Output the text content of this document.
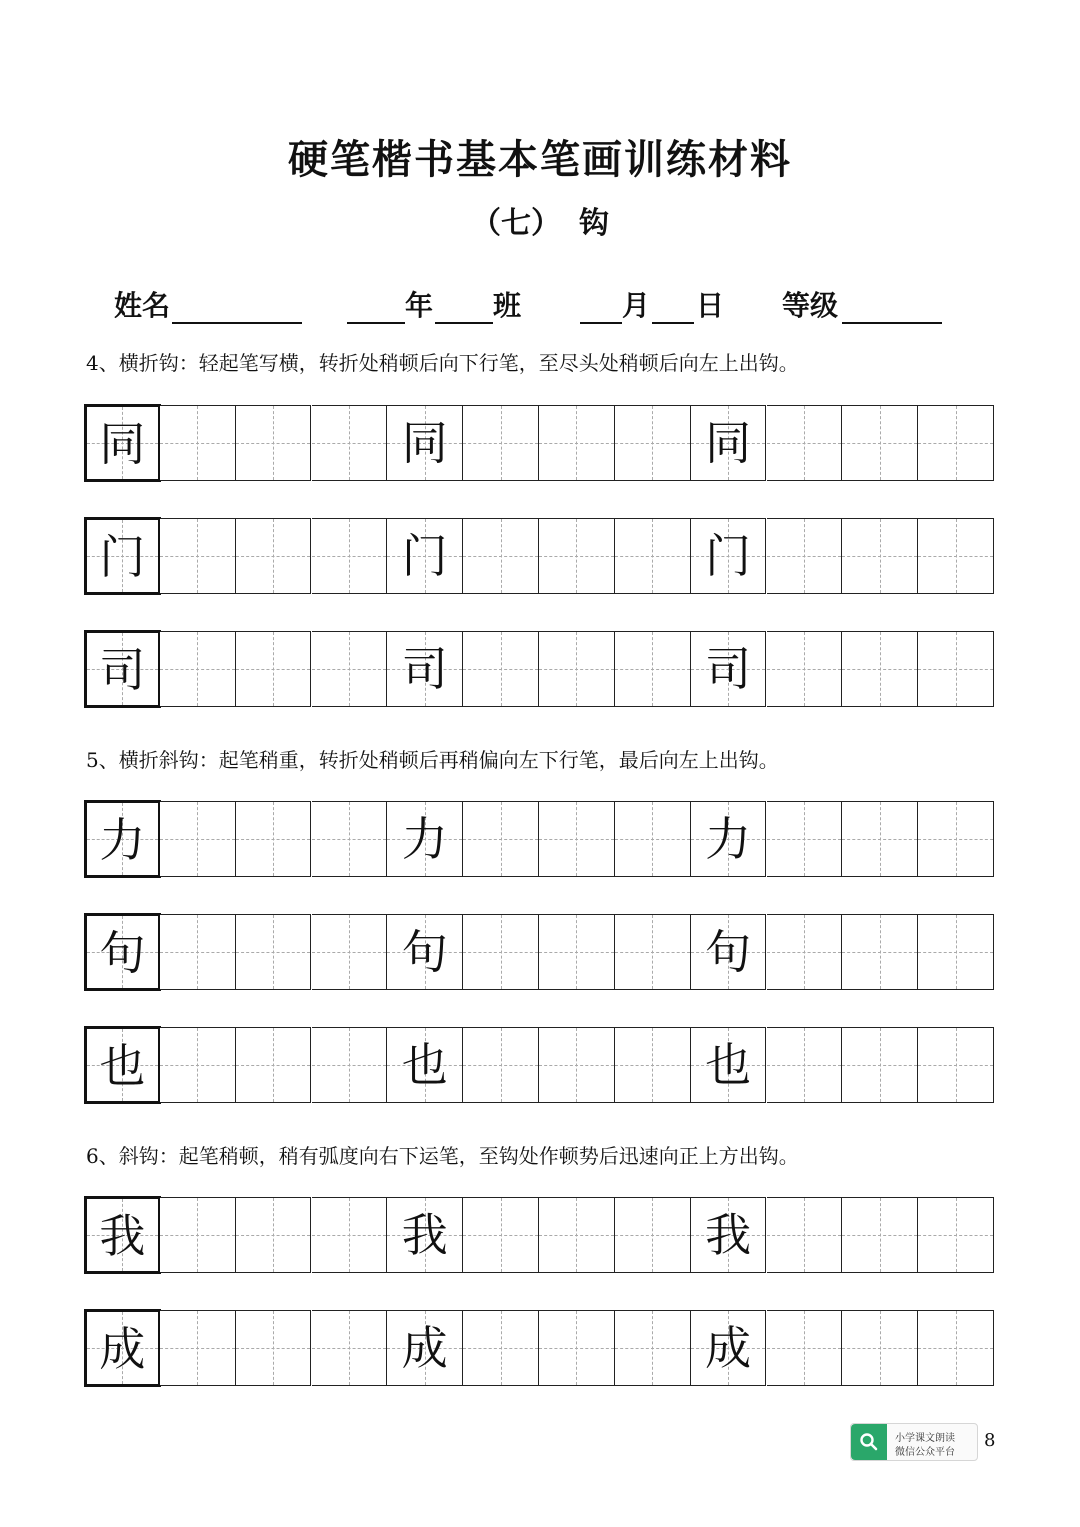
硬笔楷书基本笔画训练材料
（七） 钩
姓名	年 班	月 日 等级

4、横折钩：轻起笔写横，转折处稍顿后向下行笔，至尽头处稍顿后向左上出钩。

同	同	同
门	门	门
司	司	司

5、横折斜钩：起笔稍重，转折处稍顿后再稍偏向左下行笔，最后向左上出钩。

力	力	力
句	句	句
也	也	也

6、斜钩：起笔稍顿，稍有弧度向右下运笔，至钩处作顿势后迅速向正上方出钩。

我	我	我
成	成	成
小学课文朗读
微信公众平台
8
